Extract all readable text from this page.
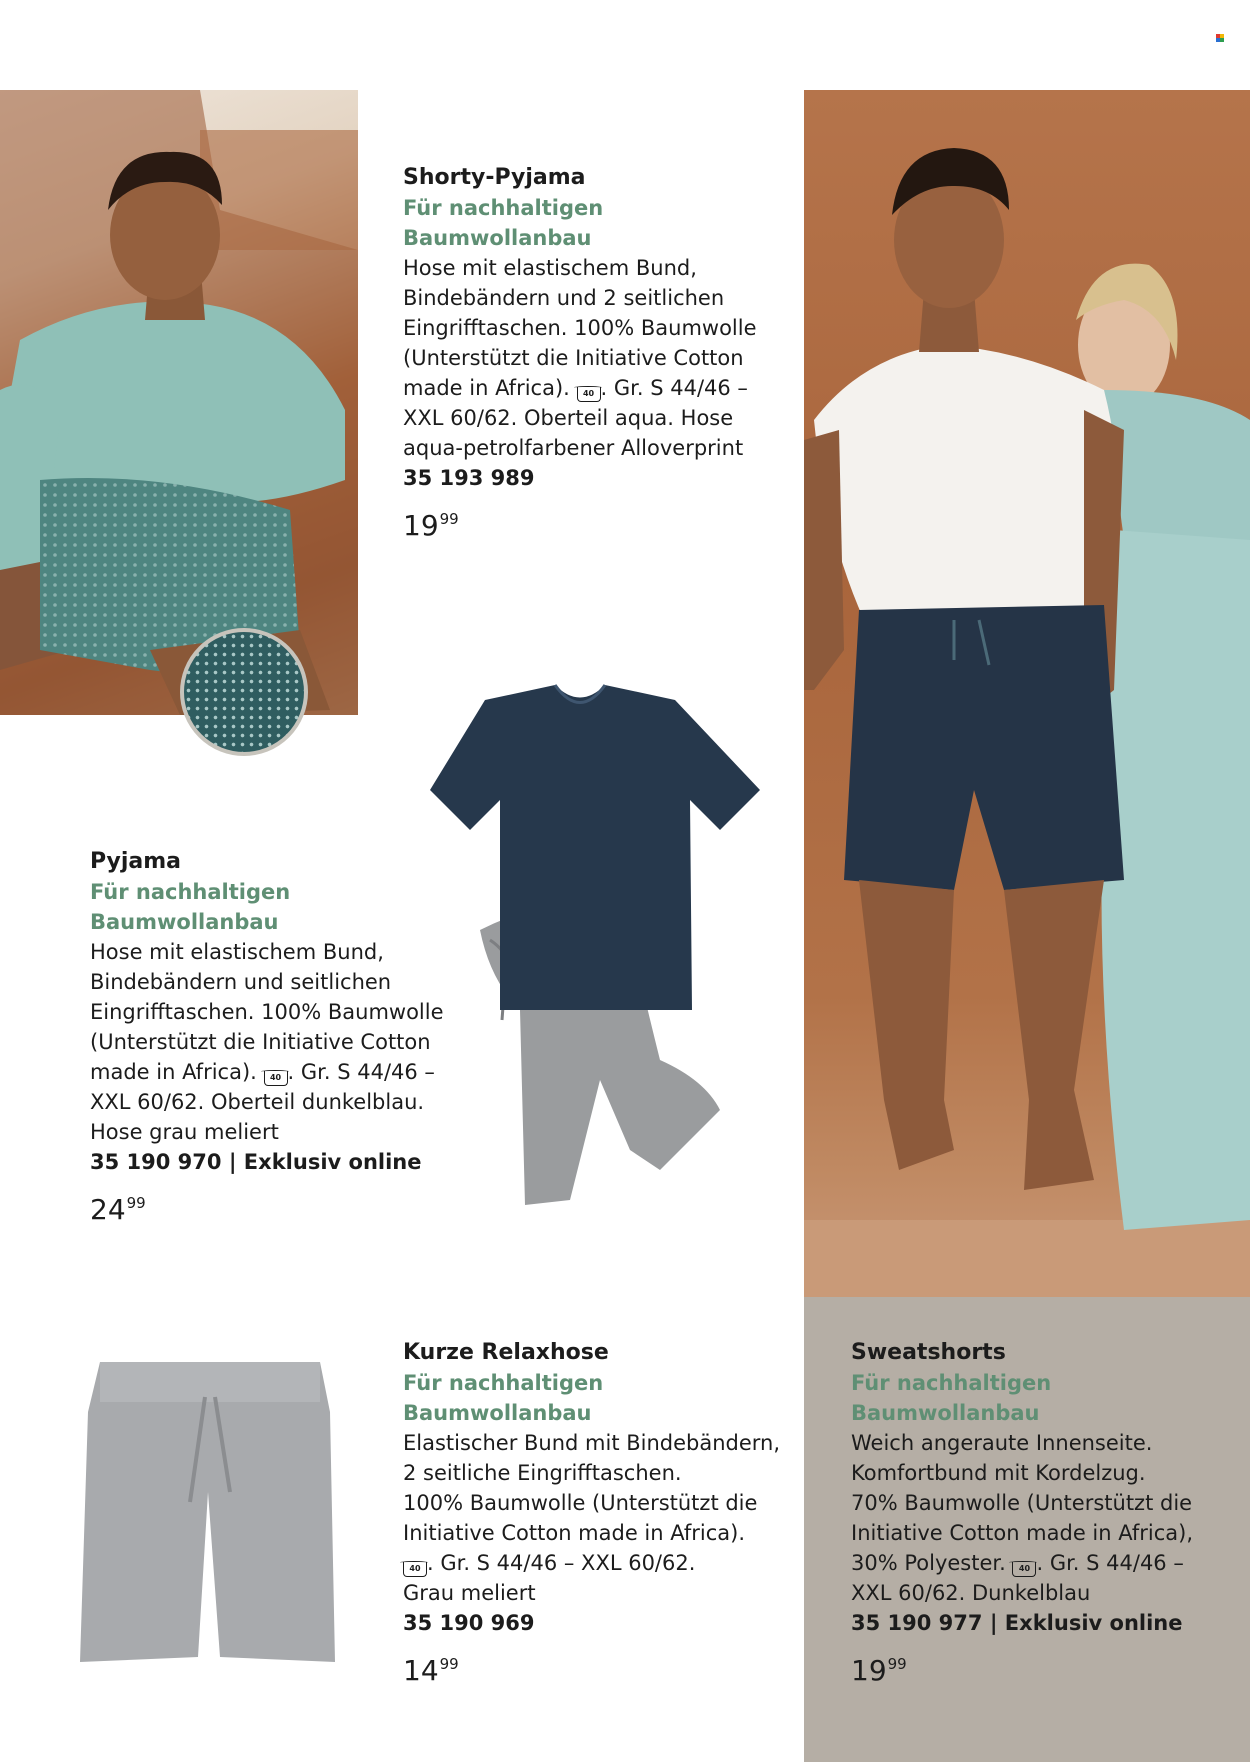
Shorty-Pyjama
Für nachhaltigen
Baumwollanbau
Hose mit elastischem Bund,
Bindebändern und 2 seitlichen
Eingrifftaschen. 100% Baumwolle
(Unterstützt die Initiative Cotton
made in Africa). 40 . Gr. S 44/46 –
XXL 60/62. Oberteil aqua. Hose
aqua-petrolfarbener Alloverprint
35 193 989
$19^{99}$
Pyjama
Für nachhaltigen
Baumwollanbau
Hose mit elastischem Bund,
Bindebändern und seitlichen
Eingrifftaschen. 100% Baumwolle
(Unterstützt die Initiative Cotton
made in Africa). 40 . Gr. S 44/46 –
XXL 60/62. Oberteil dunkelblau.
Hose grau meliert
35 190 970 | Exklusiv online
$24^{99}$
Kurze Relaxhose
Für nachhaltigen
Baumwollanbau
Elastischer Bund mit Bindebändern,
2 seitliche Eingrifftaschen.
100% Baumwolle (Unterstützt die
Initiative Cotton made in Africa).
40 . Gr. S 44/46 – XXL 60/62.
Grau meliert
35 190 969
$14^{99}$
Sweatshorts
Für nachhaltigen
Baumwollanbau
Weich angeraute Innenseite.
Komfortbund mit Kordelzug.
70% Baumwolle (Unterstützt die
Initiative Cotton made in Africa),
30% Polyester. 40 . Gr. S 44/46 –
XXL 60/62. Dunkelblau
35 190 977 | Exklusiv online
$19^{99}$
